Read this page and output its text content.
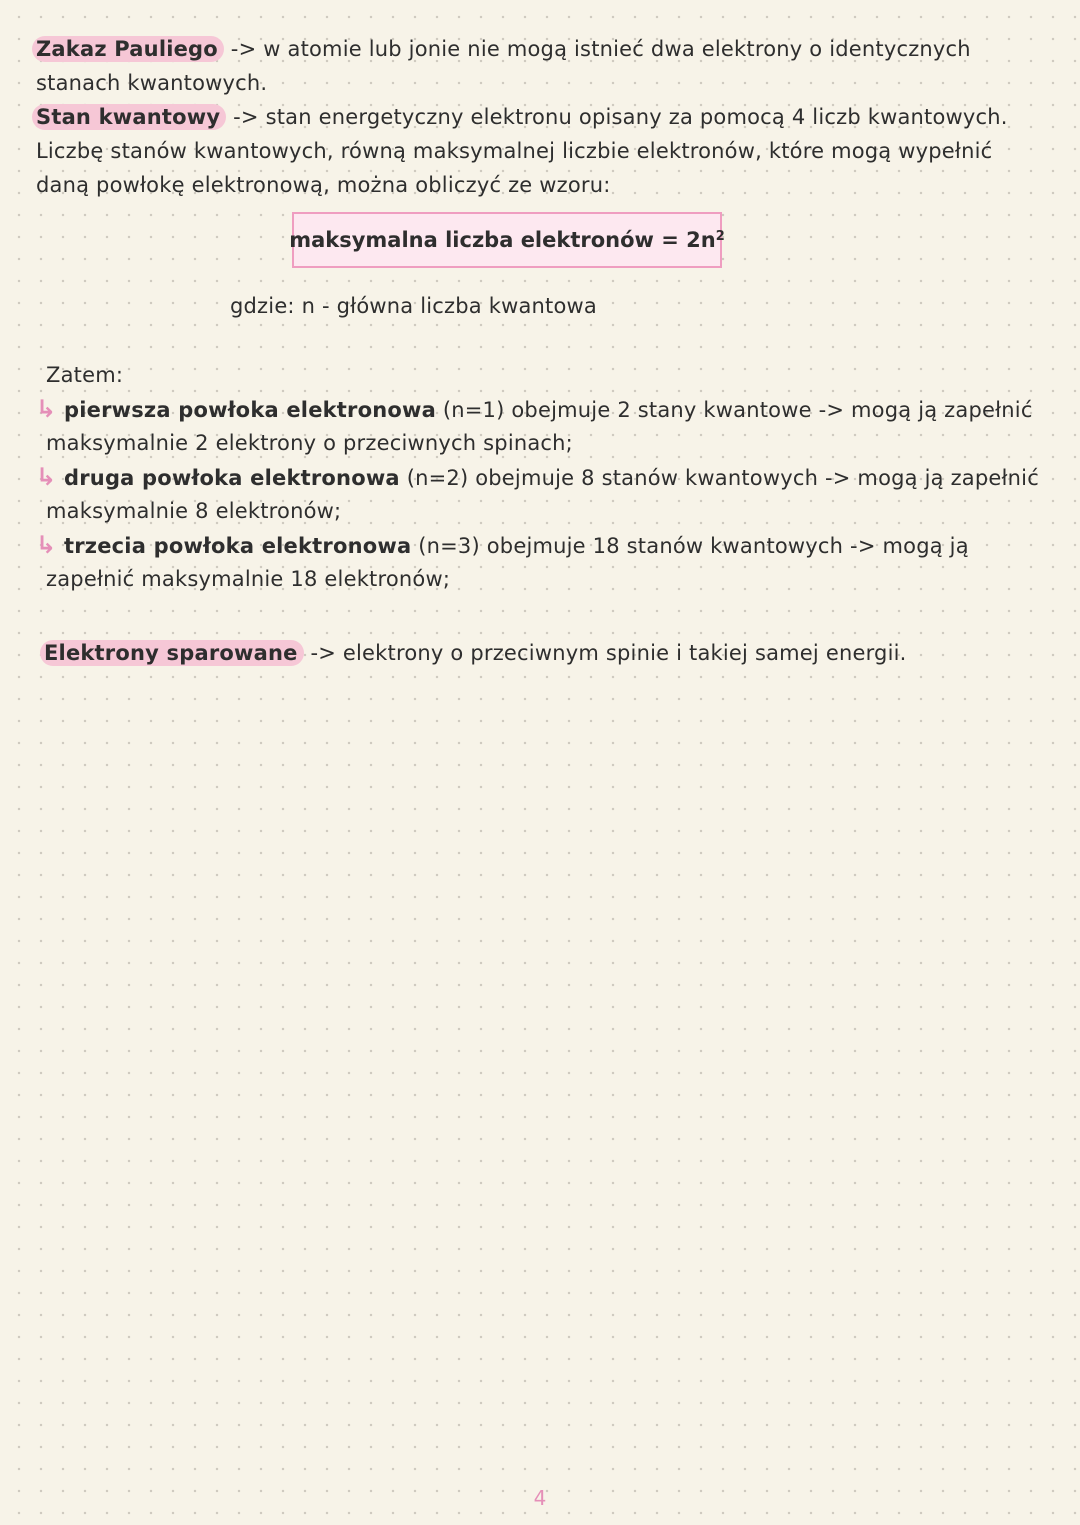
Zakaz Pauliego -> w atomie lub jonie nie mogą istnieć dwa elektrony o identycznych
stanach kwantowych.
Stan kwantowy -> stan energetyczny elektronu opisany za pomocą 4 liczb kwantowych.
Liczbę stanów kwantowych, równą maksymalnej liczbie elektronów, które mogą wypełnić
daną powłokę elektronową, można obliczyć ze wzoru:
maksymalna liczba elektronów = $2n^2$
gdzie: n - główna liczba kwantowa
Zatem:
↳ pierwsza powłoka elektronowa (n=1) obejmuje 2 stany kwantowe -> mogą ją zapełnić
maksymalnie 2 elektrony o przeciwnych spinach;
↳ druga powłoka elektronowa (n=2) obejmuje 8 stanów kwantowych -> mogą ją zapełnić
maksymalnie 8 elektronów;
↳ trzecia powłoka elektronowa (n=3) obejmuje 18 stanów kwantowych -> mogą ją
zapełnić maksymalnie 18 elektronów;
Elektrony sparowane -> elektrony o przeciwnym spinie i takiej samej energii.
4
